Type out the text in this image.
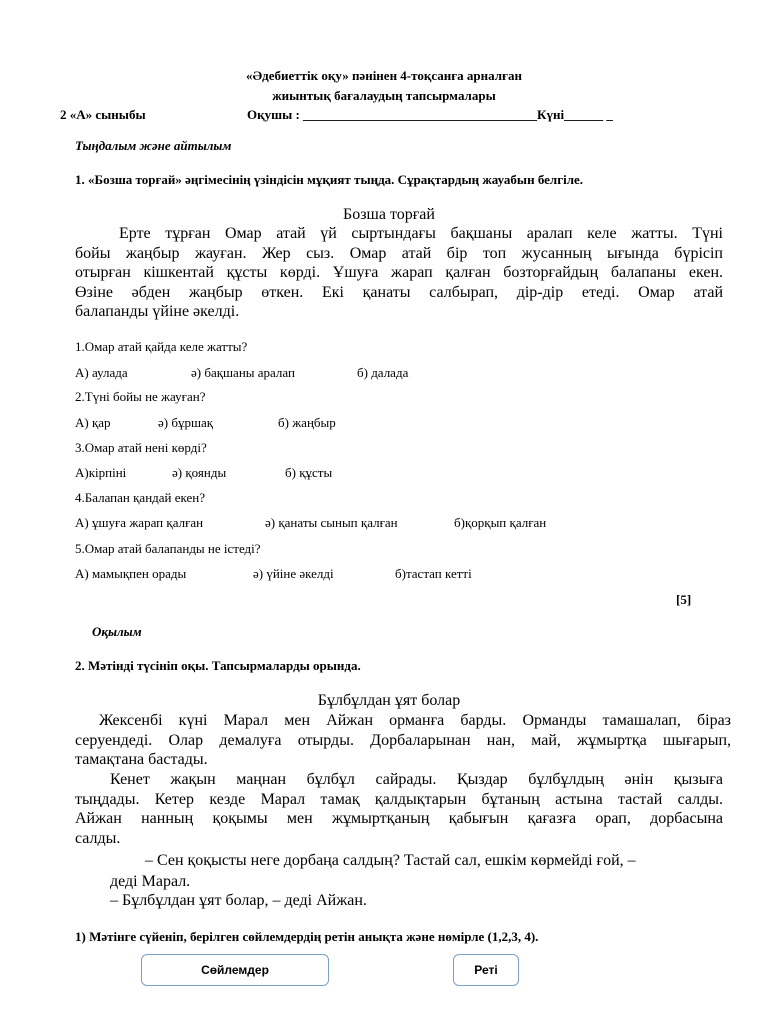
«Әдебиеттік оқу» пәнінен 4-тоқсанға арналған
жиынтық бағалаудың тапсырмалары
2 «А» сыныбы	Оқушы : ____________________________________Күні______ _
Тыңдалым және айтылым
1. «Бозша торғай» әңгімесінің үзіндісін мұқият тыңда. Сұрақтардың жауабын белгіле.
Бозша торғай
Ерте тұрған Омар атай үй сыртындағы бақшаны аралап келе жатты. Түні
бойы жаңбыр жауған. Жер сыз. Омар атай бір топ жусанның ығында бүрісіп
отырған кішкентай құсты көрді. Ұшуға жарап қалған бозторғайдың балапаны екен.
Өзіне әбден жаңбыр өткен. Екі қанаты салбырап, дір-дір етеді. Омар атай
балапанды үйіне әкелді.
1.Омар атай қайда келе жатты?
А) аулада	ә) бақшаны аралап	б) далада
2.Түні бойы не жауған?
А) қар	ә) бұршақ	б) жаңбыр
3.Омар атай нені көрді?
А)кірпіні	ә) қоянды	б) құсты
4.Балапан қандай екен?
А) ұшуға жарап қалған	ә) қанаты сынып қалған	б)қорқып қалған
5.Омар атай балапанды не істеді?
А) мамықпен орады	ә) үйіне әкелді	б)тастап кетті
[5]
Оқылым
2. Мәтінді түсініп оқы. Тапсырмаларды орында.
Бұлбұлдан ұят болар
Жексенбі күні Марал мен Айжан орманға барды. Орманды тамашалап, біраз
серуендеді. Олар демалуға отырды. Дорбаларынан нан, май, жұмыртқа шығарып,
тамақтана бастады.
Кенет жақын маңнан бұлбұл сайрады. Қыздар бұлбұлдың әнін қызыға
тыңдады. Кетер кезде Марал тамақ қалдықтарын бұтаның астына тастай салды.
Айжан нанның қоқымы мен жұмыртқаның қабығын қағазға орап, дорбасына
салды.
– Сен қоқысты неге дорбаңа салдың? Тастай сал, ешкім көрмейді ғой, –
деді Марал.
– Бұлбұлдан ұят болар, – деді Айжан.
1) Мәтінге сүйеніп, берілген сөйлемдердің ретін анықта және нөмірле (1,2,3, 4).
Сөйлемдер	Реті
